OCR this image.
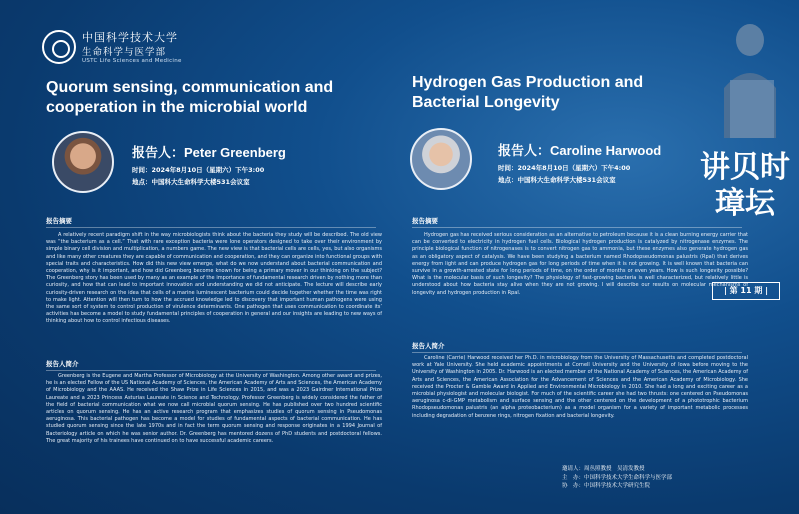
中国科学技术大学
生命科学与医学部
USTC Life Sciences and Medicine
Quorum sensing, communication and cooperation in the microbial world
报告人：Peter Greenberg
时间：2024年8月10日（星期六）下午3:00
地点：中国科大生命科学大楼531会议室
报告摘要
A relatively recent paradigm shift in the way microbiologists think about the bacteria they study will be described. The old view was “the bacterium as a cell.” That with rare exception bacteria were lone operators designed to take over their environment by simple binary cell division and multiplication, a numbers game. The new view is that bacterial cells are cells, yes, but also organisms and like many other creatures they are capable of communication and cooperation, and they can organize into functional groups with special traits and characteristics. How did this new view emerge, what do we now understand about bacterial communication and cooperation, why is it important, and how did Greenberg become known for being a primary mover in our thinking on the subject? The Greenberg story has been used by many as an example of the importance of fundamental research driven by nothing more than curiosity, and how that can lead to important innovation and understanding we did not anticipate. The lecture will describe early curiosity-driven research on the idea that cells of a marine luminescent bacterium could decide together whether the time was right to make light. Attention will then turn to how the accrued knowledge led to discovery that important human pathogens were using the same sort of system to control production of virulence determinants. One pathogen that uses communication to coordinate its’ activities has become a model to study fundamental principles of cooperation in general and our insights are leading to new ways of thinking about how to control infectious diseases.
报告人简介
Greenberg is the Eugene and Martha Professor of Microbiology at the University of Washington. Among other award and prizes, he is an elected Fellow of the US National Academy of Sciences, the American Academy of Arts and Sciences, the American Academy of Microbiology and the AAAS. He received the Shaw Prize in Life Sciences in 2015, and was a 2023 Gairdner International Prize Laureate and a 2023 Princess Asturias Laureate in Science and Technology. Professor Greenberg is widely considered the father of the field of bacterial communication what we now call microbial quorum sensing. He has published over two hundred scientific articles on quorum sensing. He has an active research program that emphasizes studies of quorum sensing in Pseudomonas aeruginosa. This bacterial pathogen has become a model for studies of fundamental aspects of bacterial communication. He has studied quorum sensing since the late 1970s and in fact the term quorum sensing and response originates in a 1994 Journal of Bacteriology article on which he was senior author. Dr. Greenberg has mentored dozens of PhD students and postdoctoral fellows. The great majority of his trainees have continued on to have successful academic careers.
Hydrogen Gas Production and Bacterial Longevity
报告人：Caroline Harwood
时间：2024年8月10日（星期六）下午4:00
地点：中国科大生命科学大楼531会议室
报告摘要
Hydrogen gas has received serious consideration as an alternative to petroleum because it is a clean burning energy carrier that can be converted to electricity in hydrogen fuel cells. Biological hydrogen production is catalyzed by nitrogenase enzymes. The principle biological function of nitrogenases is to convert nitrogen gas to ammonia, but these enzymes also generate hydrogen gas as an obligatory aspect of catalysis. We have been studying a bacterium named Rhodopseudomonas palustris (Rpal) that derives energy from light and can produce hydrogen gas for long periods of time when it is not growing. It is well known that bacteria can survive in a growth-arrested state for long periods of time, on the order of months or even years. How is such longevity possible? What is the molecular basis of such longevity? The physiology of fast-growing bacteria is well characterized, but relatively little is understood about how bacteria stay alive when they are not growing. I will describe our results on molecular mechanisms of longevity and hydrogen production in Rpal.
报告人简介
Caroline (Carrie) Harwood received her Ph.D. in microbiology from the University of Massachusetts and completed postdoctoral work at Yale University. She held academic appointments at Cornell University and the University of Iowa before moving to the University of Washington in 2005. Dr. Harwood is an elected member of the National Academy of Sciences, the American Academy of Arts and Sciences, the American Association for the Advancement of Sciences and the American Academy of Microbiology. She received the Procter & Gamble Award in Applied and Environmental Microbiology in 2010. She had a long and exciting career as a microbial physiologist and molecular biologist. For much of the scientific career she had two thrusts: one centered on Pseudomonas aeruginosa c-di-GMP metabolism and surface sensing and the other centered on the development of a phototrophic bacterium Rhodopseudomonas palustris (an alpha proteobacterium) as a model organism for a variety of important metabolic processes including degradation of benzene rings, nitrogen fixation and bacterial longevity.
讲贝时璋坛
| 第 11 期 |
邀请人：周丛照教授　吴清发教授
主　办：中国科学技术大学生命科学与医学部
协　办：中国科学技术大学研究生院
